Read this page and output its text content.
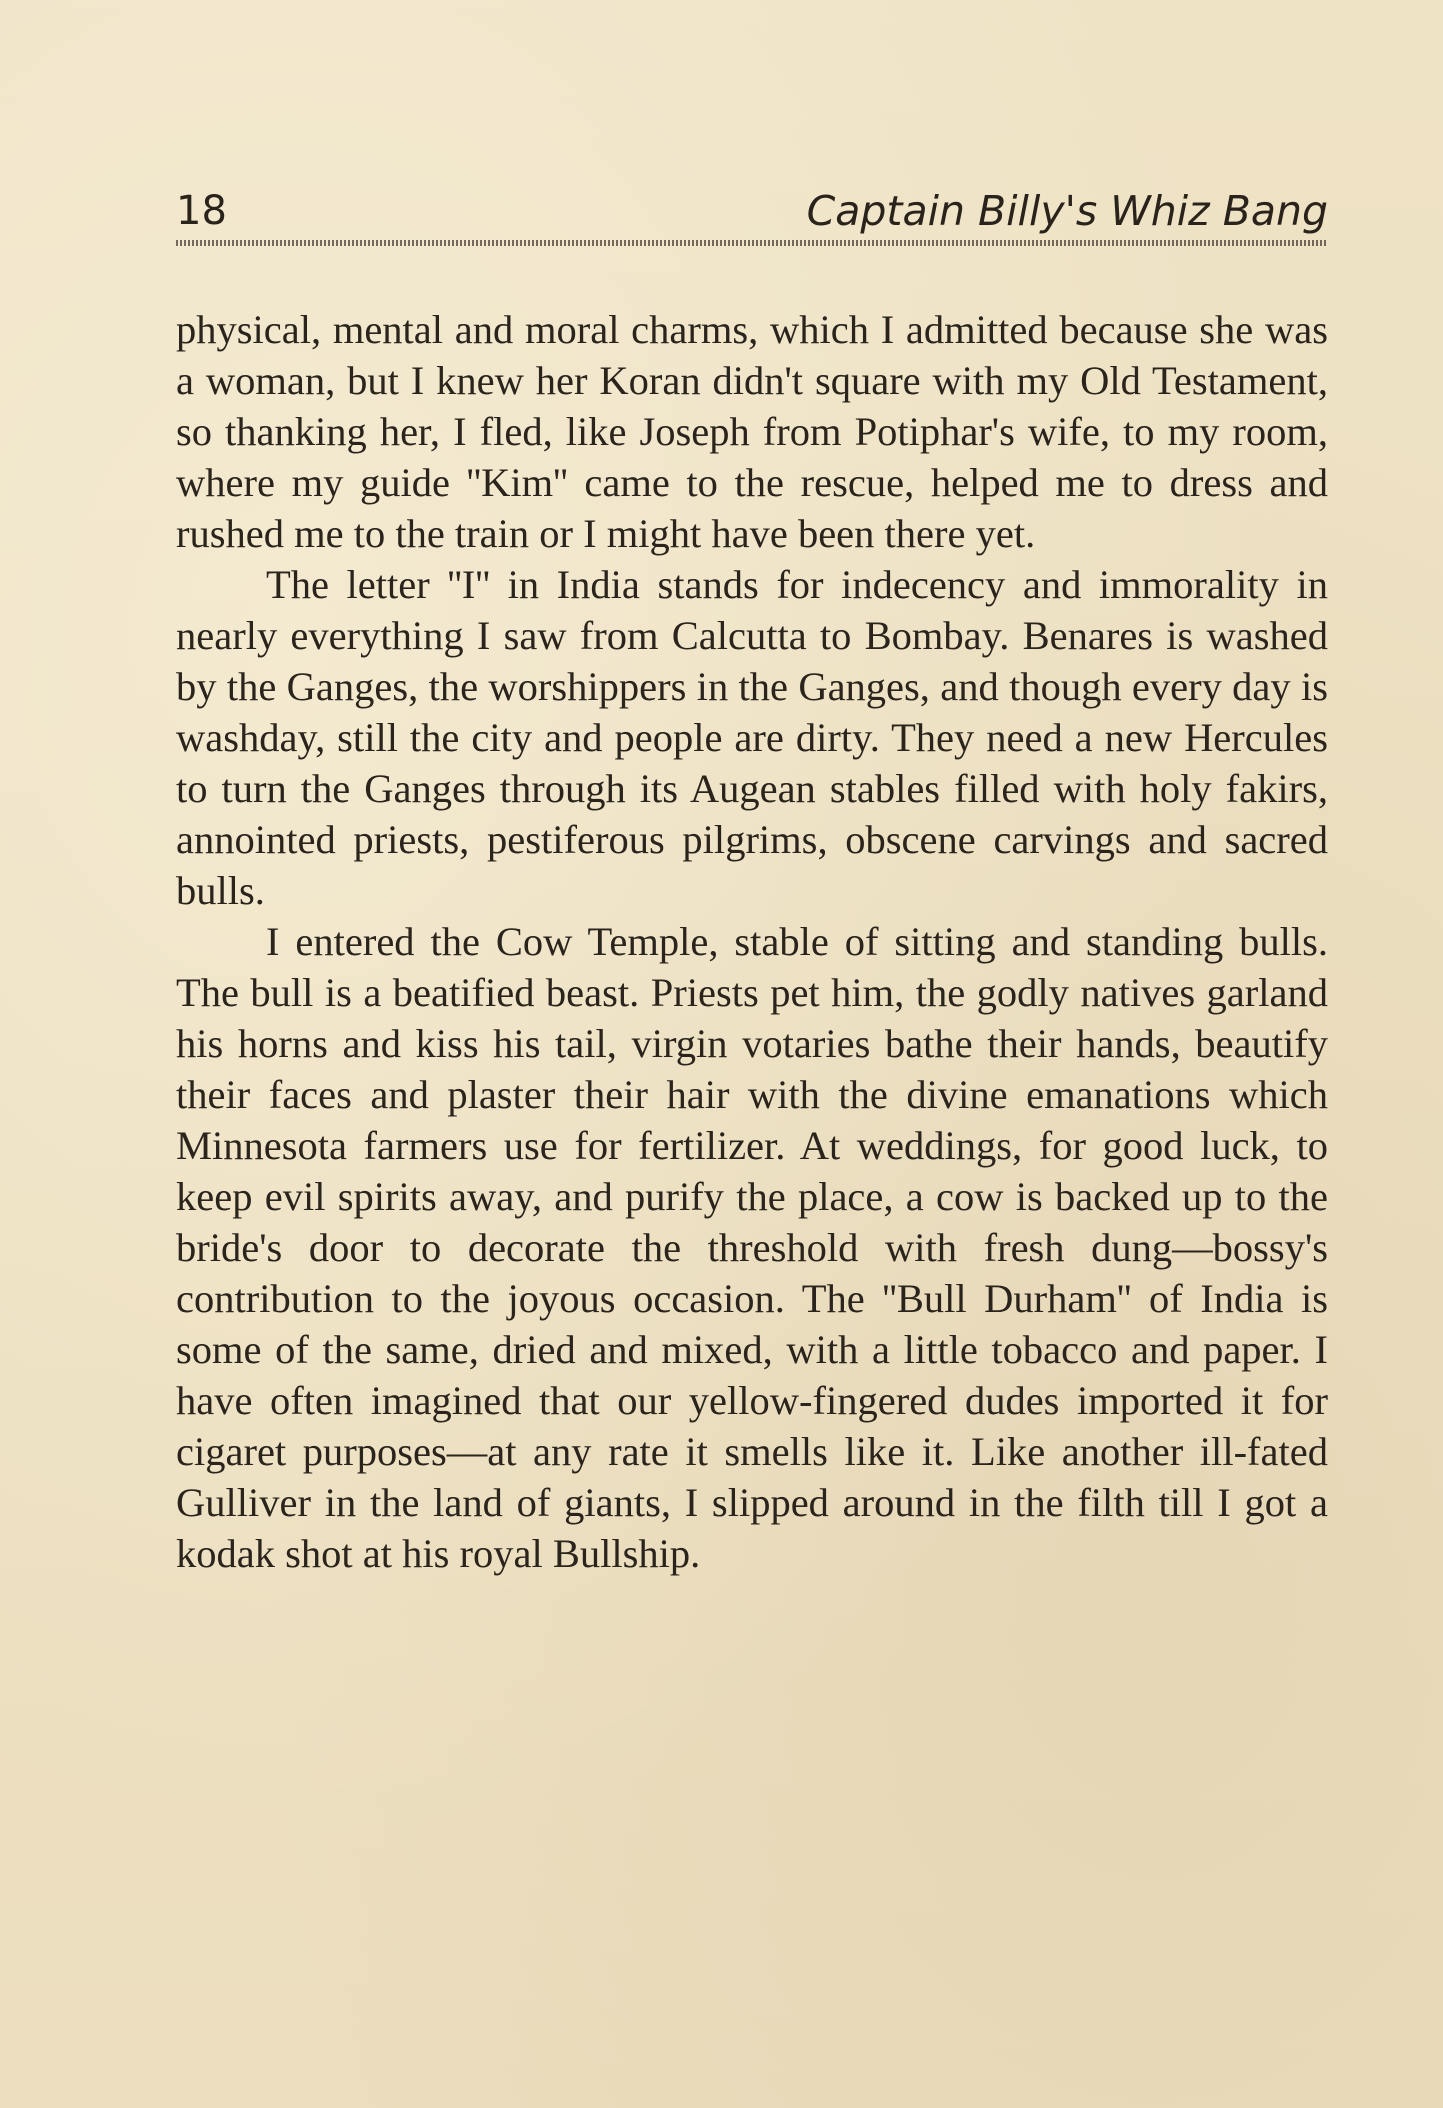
18	Captain Billy's Whiz Bang

physical, mental and moral charms, which I admitted because she was a woman, but I knew her Koran didn't square with my Old Testament, so thanking her, I fled, like Joseph from Potiphar's wife, to my room, where my guide ''Kim'' came to the rescue, helped me to dress and rushed me to the train or I might have been there yet.

The letter ''I'' in India stands for indecency and immorality in nearly everything I saw from Calcutta to Bombay. Benares is washed by the Ganges, the worshippers in the Ganges, and though every day is washday, still the city and people are dirty. They need a new Hercules to turn the Ganges through its Augean stables filled with holy fakirs, annointed priests, pestiferous pilgrims, obscene carvings and sacred bulls.

I entered the Cow Temple, stable of sitting and standing bulls. The bull is a beatified beast. Priests pet him, the godly natives garland his horns and kiss his tail, virgin votaries bathe their hands, beautify their faces and plaster their hair with the divine emanations which Minnesota farmers use for fertilizer. At weddings, for good luck, to keep evil spirits away, and purify the place, a cow is backed up to the bride's door to decorate the threshold with fresh dung—bossy's contribution to the joyous occasion. The ''Bull Durham'' of India is some of the same, dried and mixed, with a little tobacco and paper. I have often imagined that our yellow-fingered dudes imported it for cigaret purposes—at any rate it smells like it. Like another ill-fated Gulliver in the land of giants, I slipped around in the filth till I got a kodak shot at his royal Bullship.
